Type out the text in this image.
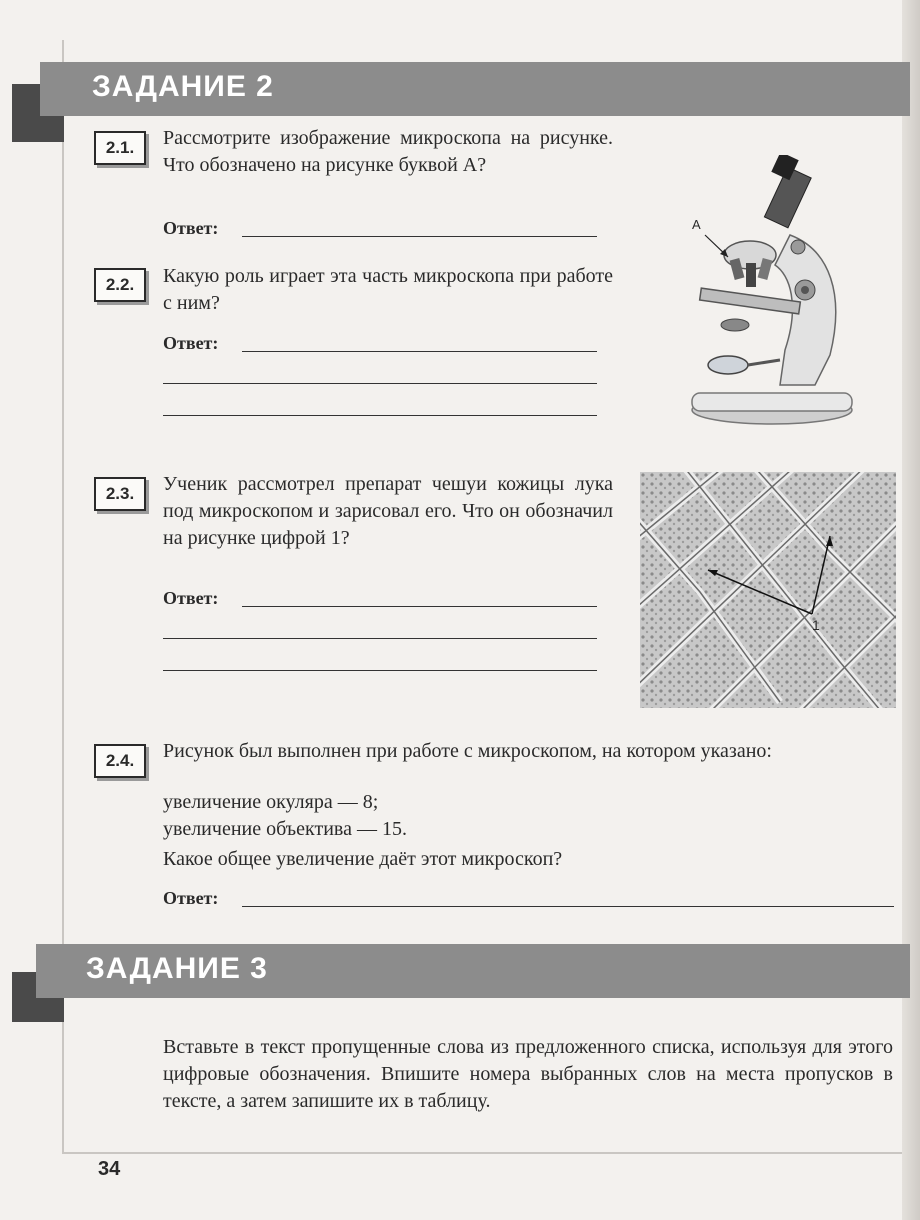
ЗАДАНИЕ 2
2.1.	Рассмотрите изображение микроскопа на рисунке. Что обозначено на рисунке буквой А?
Ответ:
2.2.	Какую роль играет эта часть микроскопа при работе с ним?
Ответ:
А
2.3.	Ученик рассмотрел препарат чешуи кожицы лука под микроскопом и зарисовал его. Что он обозначил на рисунке цифрой 1?
Ответ:
1
2.4.	Рисунок был выполнен при работе с микроскопом, на котором указано:
увеличение окуляра — 8;
увеличение объектива — 15.
Какое общее увеличение даёт этот микроскоп?
Ответ:
ЗАДАНИЕ 3
Вставьте в текст пропущенные слова из предложенного списка, используя для этого цифровые обозначения. Впишите номера выбранных слов на места пропусков в тексте, а затем запишите их в таблицу.
34
